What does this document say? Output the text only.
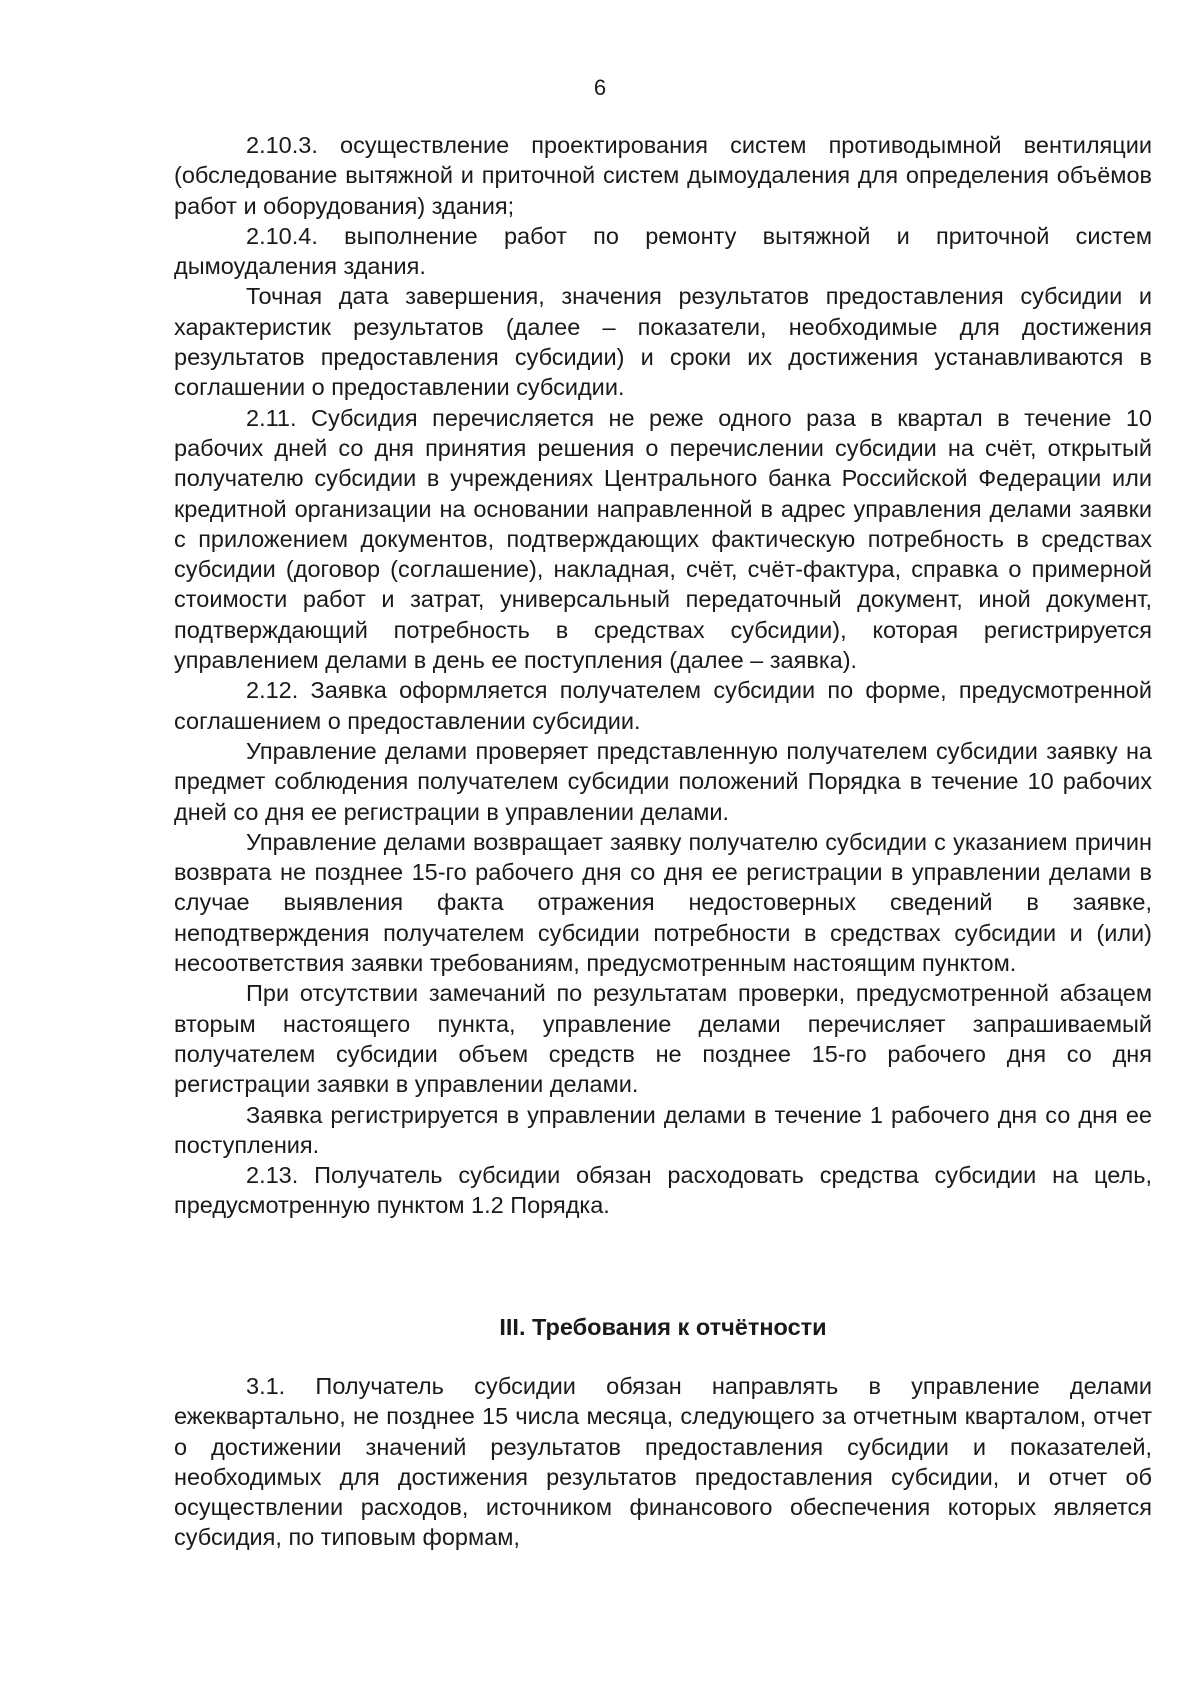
6

2.10.3. осуществление проектирования систем противодымной вентиляции (обследование вытяжной и приточной систем дымоудаления для определения объёмов работ и оборудования) здания;

2.10.4. выполнение работ по ремонту вытяжной и приточной систем дымоудаления здания.

Точная дата завершения, значения результатов предоставления субсидии и характеристик результатов (далее – показатели, необходимые для достижения результатов предоставления субсидии) и сроки их достижения устанавливаются в соглашении о предоставлении субсидии.

2.11. Субсидия перечисляется не реже одного раза в квартал в течение 10 рабочих дней со дня принятия решения о перечислении субсидии на счёт, открытый получателю субсидии в учреждениях Центрального банка Российской Федерации или кредитной организации на основании направленной в адрес управления делами заявки с приложением документов, подтверждающих фактическую потребность в средствах субсидии (договор (соглашение), накладная, счёт, счёт-фактура, справка о примерной стоимости работ и затрат, универсальный передаточный документ, иной документ, подтверждающий потребность в средствах субсидии), которая регистрируется управлением делами в день ее поступления (далее – заявка).

2.12. Заявка оформляется получателем субсидии по форме, предусмотренной соглашением о предоставлении субсидии.

Управление делами проверяет представленную получателем субсидии заявку на предмет соблюдения получателем субсидии положений Порядка в течение 10 рабочих дней со дня ее регистрации в управлении делами.

Управление делами возвращает заявку получателю субсидии с указанием причин возврата не позднее 15-го рабочего дня со дня ее регистрации в управлении делами в случае выявления факта отражения недостоверных сведений в заявке, неподтверждения получателем субсидии потребности в средствах субсидии и (или) несоответствия заявки требованиям, предусмотренным настоящим пунктом.

При отсутствии замечаний по результатам проверки, предусмотренной абзацем вторым настоящего пункта, управление делами перечисляет запрашиваемый получателем субсидии объем средств не позднее 15-го рабочего дня со дня регистрации заявки в управлении делами.

Заявка регистрируется в управлении делами в течение 1 рабочего дня со дня ее поступления.

2.13. Получатель субсидии обязан расходовать средства субсидии на цель, предусмотренную пунктом 1.2 Порядка.

III. Требования к отчётности

3.1. Получатель субсидии обязан направлять в управление делами ежеквартально, не позднее 15 числа месяца, следующего за отчетным кварталом, отчет о достижении значений результатов предоставления субсидии и показателей, необходимых для достижения результатов предоставления субсидии, и отчет об осуществлении расходов, источником финансового обеспечения которых является субсидия, по типовым формам,
